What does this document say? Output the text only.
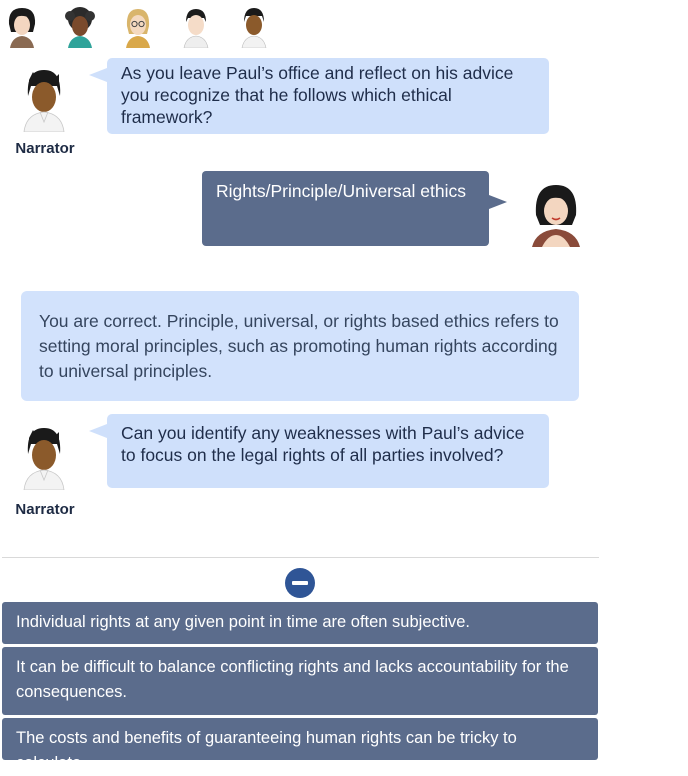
Narrator
As you leave Paul’s office and reflect on his advice you recognize that he follows which ethical framework?
Rights/Principle/Universal ethics
You are correct. Principle, universal, or rights based ethics refers to setting moral principles, such as promoting human rights according to universal principles.
Narrator
Can you identify any weaknesses with Paul’s advice to focus on the legal rights of all parties involved?
Individual rights at any given point in time are often subjective.
It can be difficult to balance conflicting rights and lacks accountability for the consequences.
The costs and benefits of guaranteeing human rights can be tricky to calculate.
